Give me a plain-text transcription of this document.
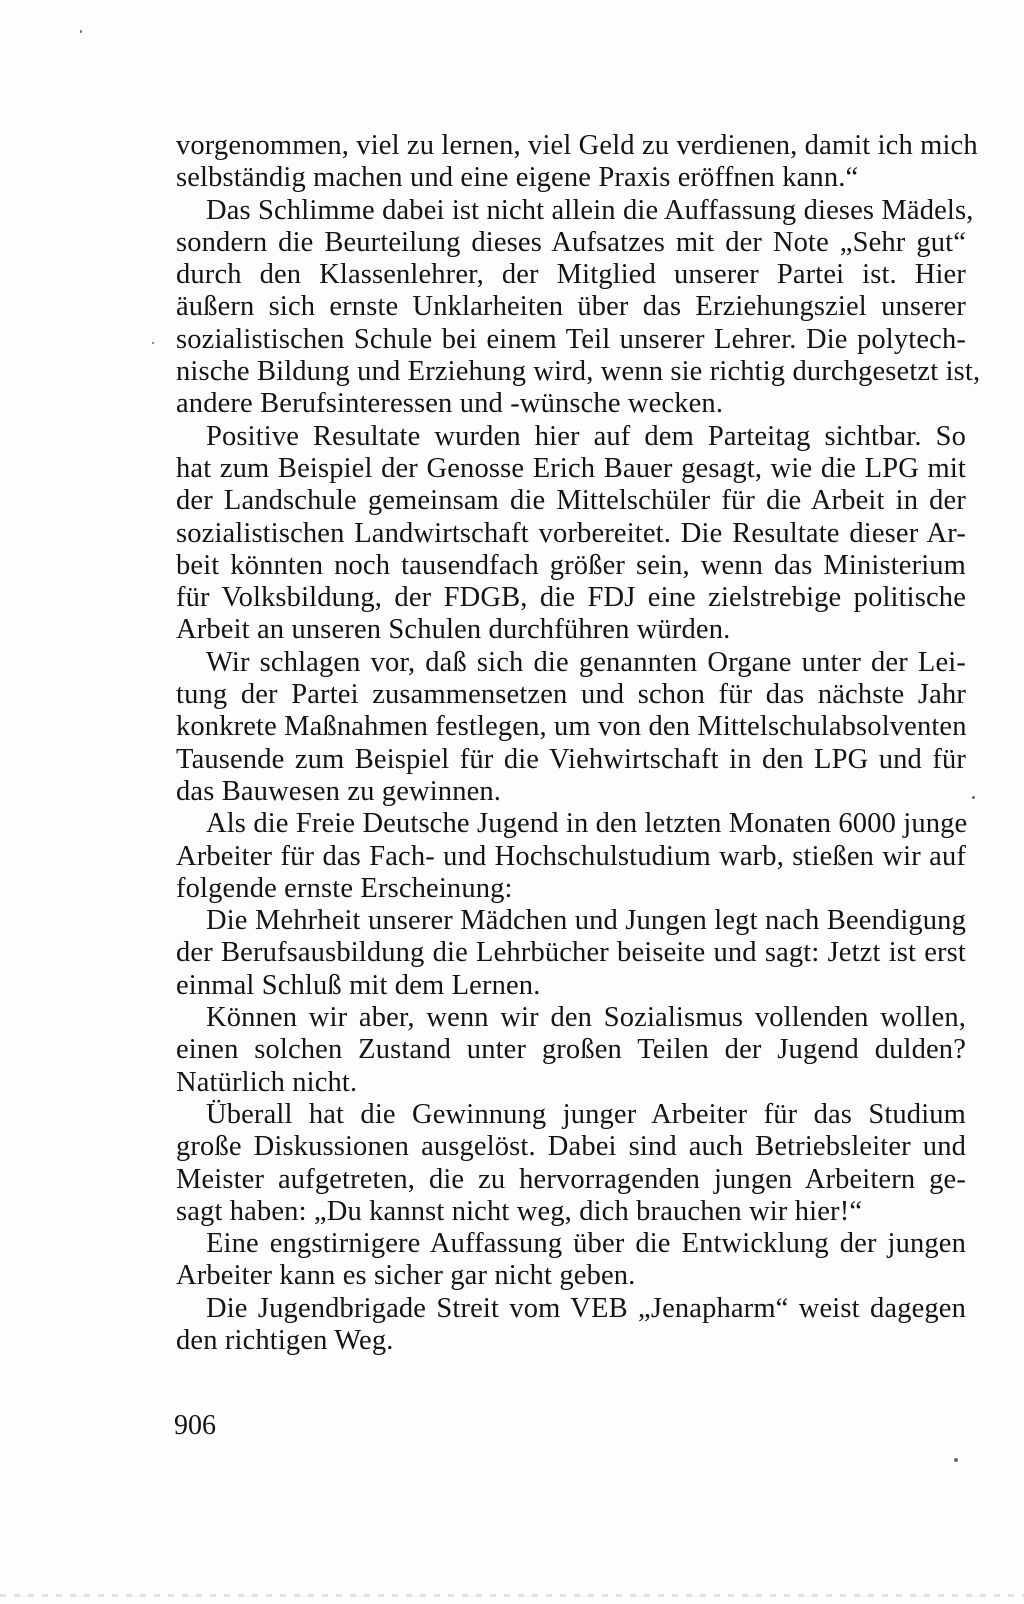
vorgenommen, viel zu lernen, viel Geld zu verdienen, damit ich mich
selbständig machen und eine eigene Praxis eröffnen kann.“
Das Schlimme dabei ist nicht allein die Auffassung dieses Mädels,
sondern die Beurteilung dieses Aufsatzes mit der Note „Sehr gut“
durch den Klassenlehrer, der Mitglied unserer Partei ist. Hier
äußern sich ernste Unklarheiten über das Erziehungsziel unserer
sozialistischen Schule bei einem Teil unserer Lehrer. Die polytech-
nische Bildung und Erziehung wird, wenn sie richtig durchgesetzt ist,
andere Berufsinteressen und -wünsche wecken.
Positive Resultate wurden hier auf dem Parteitag sichtbar. So
hat zum Beispiel der Genosse Erich Bauer gesagt, wie die LPG mit
der Landschule gemeinsam die Mittelschüler für die Arbeit in der
sozialistischen Landwirtschaft vorbereitet. Die Resultate dieser Ar-
beit könnten noch tausendfach größer sein, wenn das Ministerium
für Volksbildung, der FDGB, die FDJ eine zielstrebige politische
Arbeit an unseren Schulen durchführen würden.
Wir schlagen vor, daß sich die genannten Organe unter der Lei-
tung der Partei zusammensetzen und schon für das nächste Jahr
konkrete Maßnahmen festlegen, um von den Mittelschulabsolventen
Tausende zum Beispiel für die Viehwirtschaft in den LPG und für
das Bauwesen zu gewinnen.
Als die Freie Deutsche Jugend in den letzten Monaten 6000 junge
Arbeiter für das Fach- und Hochschulstudium warb, stießen wir auf
folgende ernste Erscheinung:
Die Mehrheit unserer Mädchen und Jungen legt nach Beendigung
der Berufsausbildung die Lehrbücher beiseite und sagt: Jetzt ist erst
einmal Schluß mit dem Lernen.
Können wir aber, wenn wir den Sozialismus vollenden wollen,
einen solchen Zustand unter großen Teilen der Jugend dulden?
Natürlich nicht.
Überall hat die Gewinnung junger Arbeiter für das Studium
große Diskussionen ausgelöst. Dabei sind auch Betriebsleiter und
Meister aufgetreten, die zu hervorragenden jungen Arbeitern ge-
sagt haben: „Du kannst nicht weg, dich brauchen wir hier!“
Eine engstirnigere Auffassung über die Entwicklung der jungen
Arbeiter kann es sicher gar nicht geben.
Die Jugendbrigade Streit vom VEB „Jenapharm“ weist dagegen
den richtigen Weg.
906
